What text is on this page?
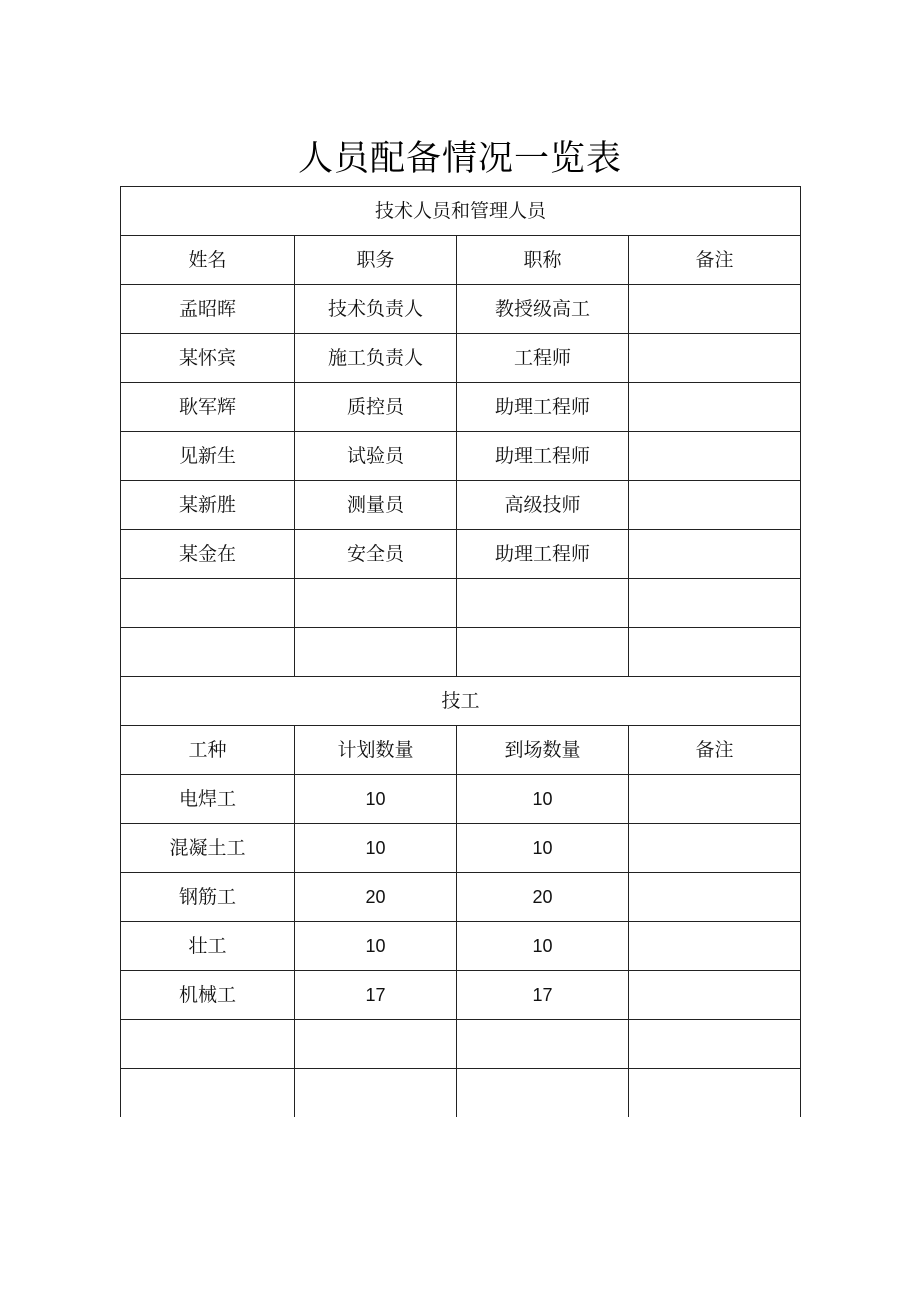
人员配备情况一览表
技术人员和管理人员			
姓名	职务	职称	备注
孟昭晖	技术负责人	教授级高工	
某怀宾	施工负责人	工程师	
耿军辉	质控员	助理工程师	
见新生	试验员	助理工程师	
某新胜	测量员	高级技师	
某金在	安全员	助理工程师	

技工			
工种	计划数量	到场数量	备注
电焊工	10	10	
混凝土工	10	10	
钢筋工	20	20	
壮工	10	10	
机械工	17	17	
